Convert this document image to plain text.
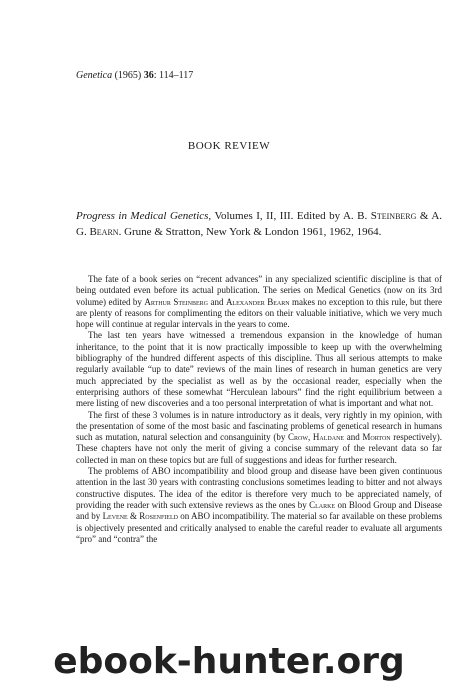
Genetica (1965) 36: 114–117
BOOK REVIEW
Progress in Medical Genetics, Volumes I, II, III. Edited by A. B. Steinberg & A. G. Bearn. Grune & Stratton, New York & London 1961, 1962, 1964.

The fate of a book series on “recent advances” in any specialized scientific discipline is that of being outdated even before its actual publication. The series on Medical Genetics (now on its 3rd volume) edited by Arthur Steinberg and Alexander Bearn makes no exception to this rule, but there are plenty of reasons for complimenting the editors on their valuable initiative, which we very much hope will continue at regular intervals in the years to come.

The last ten years have witnessed a tremendous expansion in the knowledge of human inheritance, to the point that it is now practically impossible to keep up with the overwhelming bibliography of the hundred different aspects of this discipline. Thus all serious attempts to make regularly available “up to date” reviews of the main lines of research in human genetics are very much appreciated by the specialist as well as by the occasional reader, especially when the enterprising authors of these somewhat “Herculean labours” find the right equilibrium between a mere listing of new discoveries and a too personal interpretation of what is important and what not.

The first of these 3 volumes is in nature introductory as it deals, very rightly in my opinion, with the presentation of some of the most basic and fascinating problems of genetical research in humans such as mutation, natural selection and consanguinity (by Crow, Haldane and Morton respectively). These chapters have not only the merit of giving a concise summary of the relevant data so far collected in man on these topics but are full of suggestions and ideas for further research.

The problems of ABO incompatibility and blood group and disease have been given continuous attention in the last 30 years with contrasting conclusions sometimes leading to bitter and not always constructive disputes. The idea of the editor is therefore very much to be appreciated namely, of providing the reader with such extensive reviews as the ones by Clarke on Blood Group and Disease and by Levene & Rosenfield on ABO incompatibility. The material so far available on these problems is objectively presented and critically analysed to enable the careful reader to evaluate all arguments “pro” and “contra” the

ebook-hunter.org
